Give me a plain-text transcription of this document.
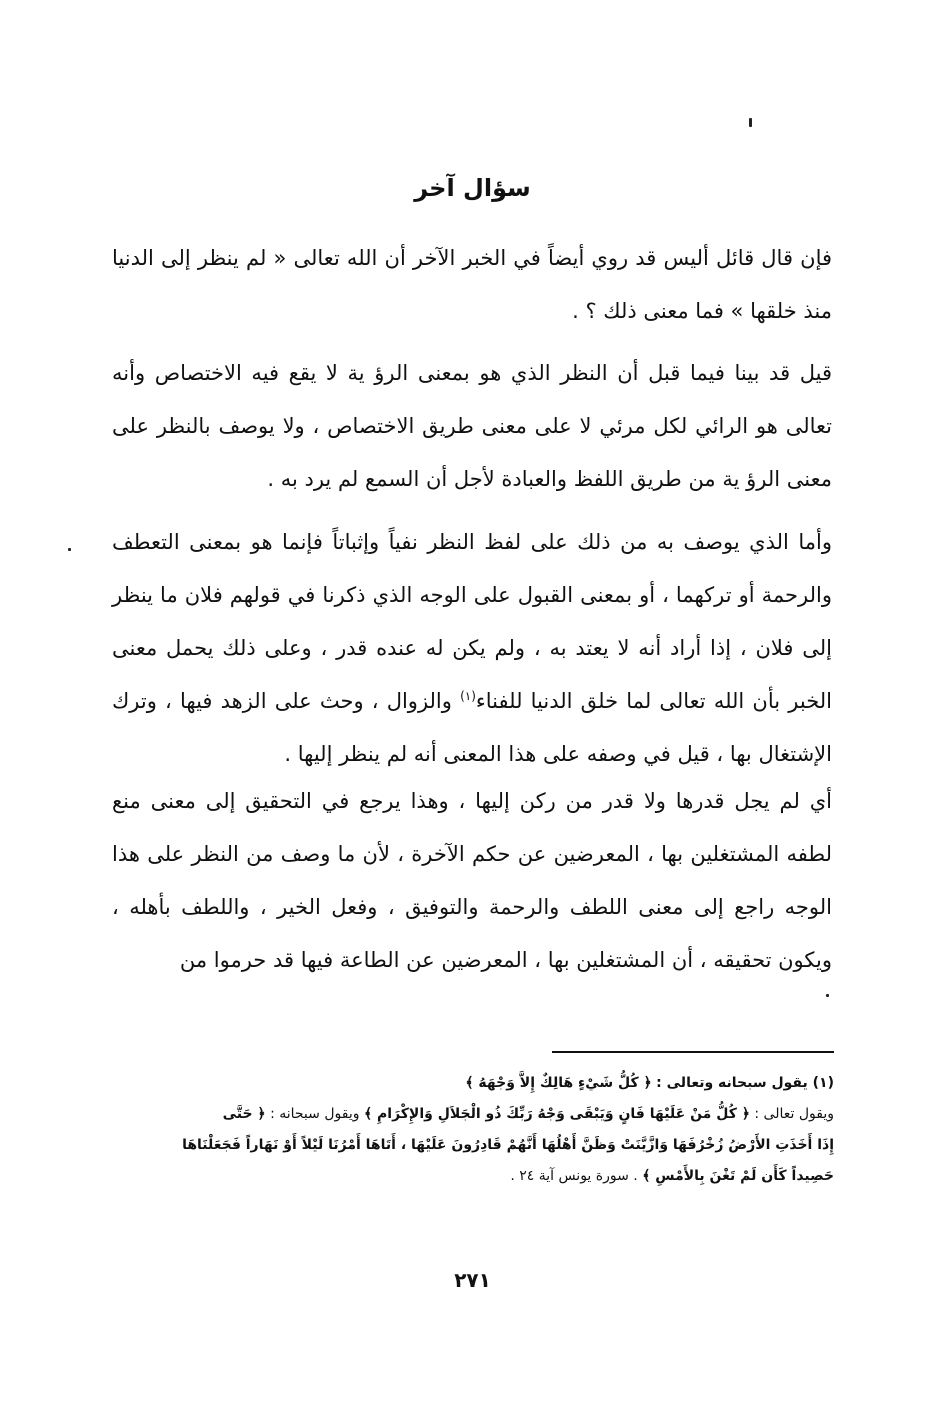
سؤال آخر

فإن قال قائل أليس قد روي أيضاً في الخبر الآخر أن الله تعالى « لم ينظر إلى الدنيا منذ خلقها » فما معنى ذلك ؟ .

قيل قد بينا فيما قبل أن النظر الذي هو بمعنى الرؤ ية لا يقع فيه الاختصاص وأنه تعالى هو الرائي لكل مرئي لا على معنى طريق الاختصاص ، ولا يوصف بالنظر على معنى الرؤ ية من طريق اللفظ والعبادة لأجل أن السمع لم يرد به .

وأما الذي يوصف به من ذلك على لفظ النظر نفياً وإثباتاً فإنما هو بمعنى التعطف والرحمة أو تركهما ، أو بمعنى القبول على الوجه الذي ذكرنا في قولهم فلان ما ينظر إلى فلان ، إذا أراد أنه لا يعتد به ، ولم يكن له عنده قدر ، وعلى ذلك يحمل معنى الخبر بأن الله تعالى لما خلق الدنيا للفناء$^{(١)}$ والزوال ، وحث على الزهد فيها ، وترك الإشتغال بها ، قيل في وصفه على هذا المعنى أنه لم ينظر إليها .

أي لم يجل قدرها ولا قدر من ركن إليها ، وهذا يرجع في التحقيق إلى معنى منع لطفه المشتغلين بها ، المعرضين عن حكم الآخرة ، لأن ما وصف من النظر على هذا الوجه راجع إلى معنى اللطف والرحمة والتوفيق ، وفعل الخير ، واللطف بأهله ، ويكون تحقيقه ، أن المشتغلين بها ، المعرضين عن الطاعة فيها قد حرموا من

(١) يقول سبحانه وتعالى : ﴿ كُلُّ شَيْءٍ هَالِكٌ إِلاَّ وَجْهَهُ ﴾
ويقول تعالى : ﴿ كُلُّ مَنْ عَلَيْهَا فَانٍ وَيَبْقَى وَجْهُ رَبِّكَ ذُو الْجَلاَلِ وَالإِكْرَامِ ﴾ ويقول سبحانه : ﴿ حَتَّى
إِذَا أَخَذَتِ الأَرْضُ زُخْرُفَهَا وَازَّيَّنَتْ وَظَنَّ أَهْلُهَا أَنَّهُمْ قَادِرُونَ عَلَيْهَا ، أَتَاهَا أَمْرُنَا لَيْلاً أَوْ نَهَاراً فَجَعَلْنَاهَا
حَصِيداً كَأَن لَمْ تَغْنَ بِالأَمْسِ ﴾ . سورة يونس آية ٢٤ .
٢٧١
